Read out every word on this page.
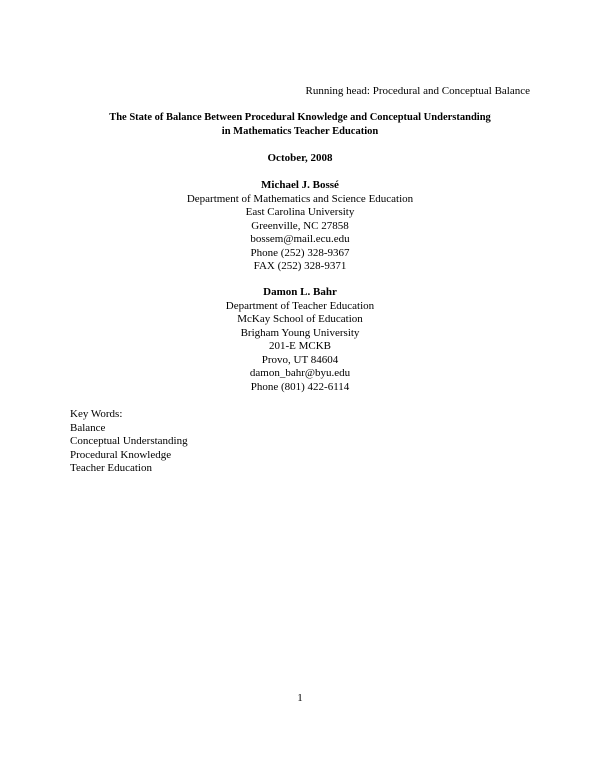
Running head: Procedural and Conceptual Balance
The State of Balance Between Procedural Knowledge and Conceptual Understanding
in Mathematics Teacher Education
October, 2008
Michael J. Bossé
Department of Mathematics and Science Education
East Carolina University
Greenville, NC 27858
bossem@mail.ecu.edu
Phone (252) 328-9367
FAX (252) 328-9371
Damon L. Bahr
Department of Teacher Education
McKay School of Education
Brigham Young University
201-E MCKB
Provo, UT 84604
damon_bahr@byu.edu
Phone (801) 422-6114
Key Words:
Balance
Conceptual Understanding
Procedural Knowledge
Teacher Education
1
